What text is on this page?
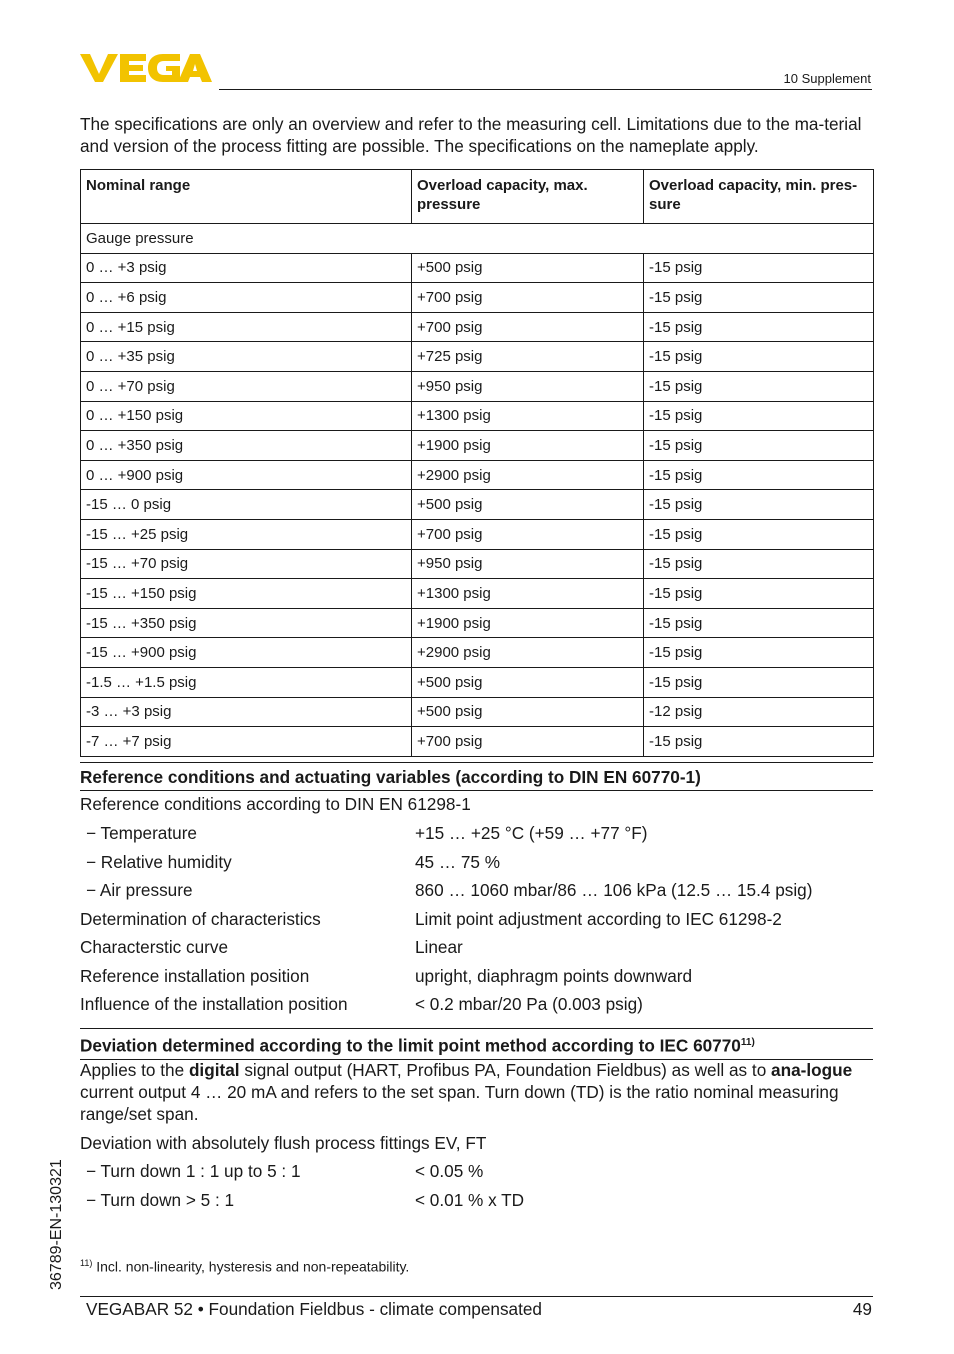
10 Supplement
The specifications are only an overview and refer to the measuring cell. Limitations due to the ma-terial and version of the process fitting are possible. The specifications on the nameplate apply.
Nominal range	Overload capacity, max. pressure	Overload capacity, min. pres-sure
Gauge pressure		
0 … +3 psig	+500 psig	-15 psig
0 … +6 psig	+700 psig	-15 psig
0 … +15 psig	+700 psig	-15 psig
0 … +35 psig	+725 psig	-15 psig
0 … +70 psig	+950 psig	-15 psig
0 … +150 psig	+1300 psig	-15 psig
0 … +350 psig	+1900 psig	-15 psig
0 … +900 psig	+2900 psig	-15 psig
-15 … 0 psig	+500 psig	-15 psig
-15 … +25 psig	+700 psig	-15 psig
-15 … +70 psig	+950 psig	-15 psig
-15 … +150 psig	+1300 psig	-15 psig
-15 … +350 psig	+1900 psig	-15 psig
-15 … +900 psig	+2900 psig	-15 psig
-1.5 … +1.5 psig	+500 psig	-15 psig
-3 … +3 psig	+500 psig	-12 psig
-7 … +7 psig	+700 psig	-15 psig
Reference conditions and actuating variables (according to DIN EN 60770-1)
Reference conditions according to DIN EN 61298-1
− Temperature	+15 … +25 °C (+59 … +77 °F)
− Relative humidity	45 … 75 %
− Air pressure	860 … 1060 mbar/86 … 106 kPa (12.5 … 15.4 psig)
Determination of characteristics	Limit point adjustment according to IEC 61298-2
Characterstic curve	Linear
Reference installation position	upright, diaphragm points downward
Influence of the installation position	< 0.2 mbar/20 Pa (0.003 psig)
Deviation determined according to the limit point method according to IEC 60770$^{11)}$
Applies to the digital signal output (HART, Profibus PA, Foundation Fieldbus) as well as to ana-logue current output 4 … 20 mA and refers to the set span. Turn down (TD) is the ratio nominal measuring range/set span.
Deviation with absolutely flush process fittings EV, FT
− Turn down 1 : 1 up to 5 : 1	< 0.05 %
− Turn down > 5 : 1	< 0.01 % x TD
36789-EN-130321 $^{11)}$ Incl. non-linearity, hysteresis and non-repeatability.
VEGABAR 52 • Foundation Fieldbus - climate compensated	49
